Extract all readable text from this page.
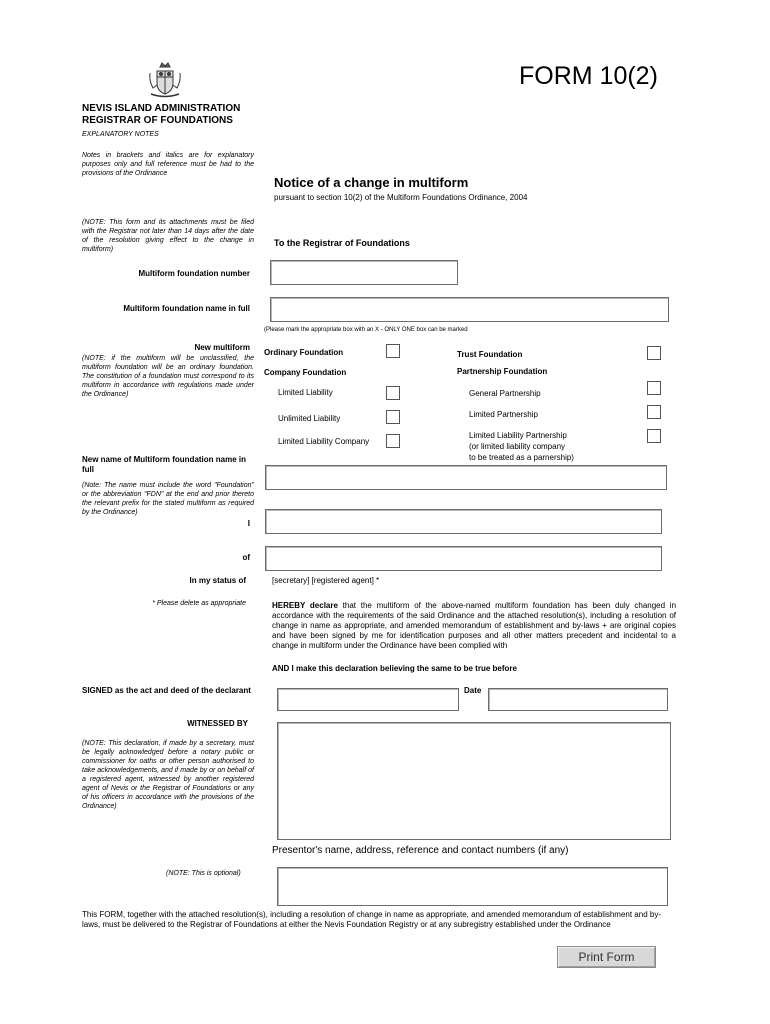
FORM 10(2)
NEVIS ISLAND ADMINISTRATION
REGISTRAR OF FOUNDATIONS
EXPLANATORY NOTES
Notes in brackets and italics are for explanatory purposes only and full reference must be had to the provisions of the Ordinance
Notice of a change in multiform
pursuant to section 10(2) of the Multiform Foundations Ordinance, 2004
(NOTE: This form and its attachments must be filed with the Registrar not later than 14 days after the date of the resolution giving effect to the change in multiform)
To the Registrar of Foundations
Multiform foundation number
Multiform foundation name in full
(Please mark the appropriate box with an X - ONLY ONE box can be marked
New multiform
(NOTE: if the multiform will be unclassified, the multiform foundation will be an ordinary foundation. The constitution of a foundation must correspond to its multiform in accordance with regulations made under the Ordinance)
Ordinary Foundation
Company Foundation
Limited Liability
Unlimited Liability
Limited Liability Company
Trust Foundation
Partnership Foundation
General Partnership
Limited Partnership
Limited Liability Partnership
(or limited liability company
to be treated as a parnership)
New name of Multiform foundation name in full
(Note: The name must include the word "Foundation" or the abbreviation "FDN" at the end and prior thereto the relevant prefix for the stated multiform as required by the Ordinance)
I
of
In my status of	[secretary] [registered agent] *
* Please delete as appropriate	HEREBY declare that the multiform of the above-named multiform foundation has been duly changed in accordance with the requirements of the said Ordinance and the attached resolution(s), including a resolution of change in name as appropriate, and amended memorandum of establishment and by-laws + are original copies and have been signed by me for identification purposes and all other matters precedent and incidental to a change in multiform under the Ordinance have been complied with
AND I make this declaration believing the same to be true before
SIGNED as the act and deed of the declarant	Date
WITNESSED BY
(NOTE: This declaration, if made by a secretary, must be legally acknowledged before a notary public or commissioner for oaths or other person authorised to take acknowledgements, and if made by or on behalf of a registered agent, witnessed by another registered agent of Nevis or the Registrar of Foundations or any of his officers in accordance with the provisions of the Ordinance)
Presentor's name, address, reference and contact numbers (if any)
(NOTE: This is optional)
This FORM, together with the attached resolution(s), including a resolution of change in name as appropriate, and amended memorandum of establishment and by-laws, must be delivered to the Registrar of Foundations at either the Nevis Foundation Registry or at any subregistry established under the Ordinance
Print Form
